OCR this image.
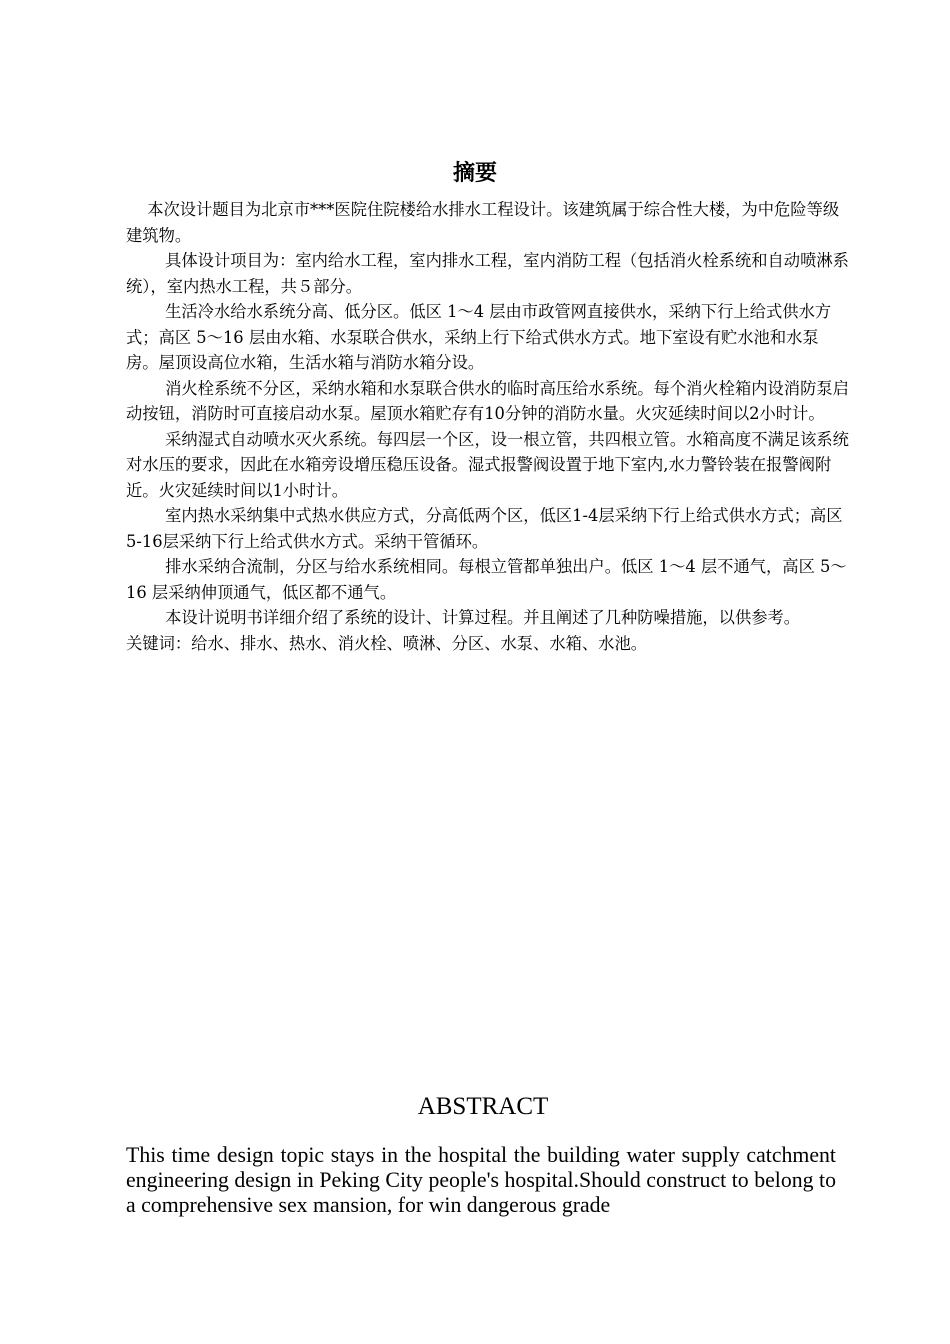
摘要

本次设计题目为北京市***医院住院楼给水排水工程设计。该建筑属于综合性大楼，为中危险等级建筑物。

具体设计项目为：室内给水工程，室内排水工程，室内消防工程（包括消火栓系统和自动喷淋系统），室内热水工程，共５部分。

生活冷水给水系统分高、低分区。低区 1～4 层由市政管网直接供水，采纳下行上给式供水方式；高区 5～16 层由水箱、水泵联合供水，采纳上行下给式供水方式。地下室设有贮水池和水泵房。屋顶设高位水箱，生活水箱与消防水箱分设。

消火栓系统不分区，采纳水箱和水泵联合供水的临时高压给水系统。每个消火栓箱内设消防泵启动按钮，消防时可直接启动水泵。屋顶水箱贮存有10分钟的消防水量。火灾延续时间以2小时计。

采纳湿式自动喷水灭火系统。每四层一个区，设一根立管，共四根立管。水箱高度不满足该系统对水压的要求，因此在水箱旁设增压稳压设备。湿式报警阀设置于地下室内,水力警铃装在报警阀附近。火灾延续时间以1小时计。

室内热水采纳集中式热水供应方式，分高低两个区，低区1-4层采纳下行上给式供水方式；高区5-16层采纳下行上给式供水方式。采纳干管循环。

排水采纳合流制，分区与给水系统相同。每根立管都单独出户。低区 1～4 层不通气，高区 5～16 层采纳伸顶通气，低区都不通气。

本设计说明书详细介绍了系统的设计、计算过程。并且阐述了几种防噪措施，以供参考。

关键词：给水、排水、热水、消火栓、喷淋、分区、水泵、水箱、水池。

ABSTRACT

This time design topic stays in the hospital the building water supply catchment engineering design in Peking City people's hospital.Should construct to belong to a comprehensive sex mansion, for win dangerous grade
